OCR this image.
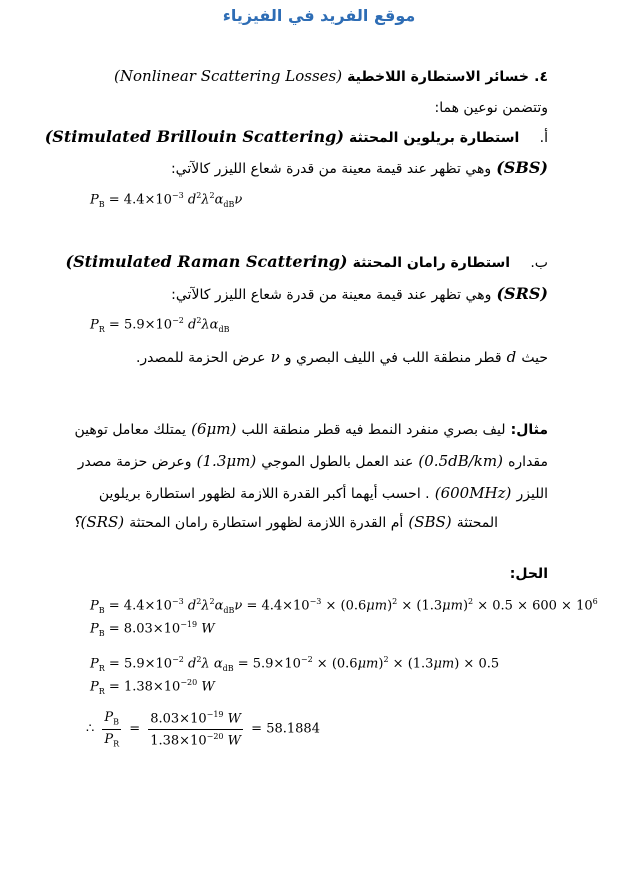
موقع الفريد في الفيزياء
٤. خسائر الاستطارة اللاخطية (Nonlinear Scattering Losses)
وتتضمن نوعين هما:
أ.    استطارة بريلوين المحتثة (Stimulated Brillouin Scattering)
(SBS) وهي تظهر عند قيمة معينة من قدرة شعاع الليزر كالآتي:
$P_B = 4.4\times 10^{-3}$ $d^2\lambda^2\alpha_{dB}\nu$
ب.    استطارة رامان المحتثة (Stimulated Raman Scattering)
(SRS) وهي تظهر عند قيمة معينة من قدرة شعاع الليزر كالآتي:
$P_R = 5.9\times 10^{-2}$ $d^2\lambda\alpha_{dB}$
حيث d قطر منطقة اللب في الليف البصري و ν عرض الحزمة للمصدر.
مثال: ليف بصري منفرد النمط فيه قطر منطقة اللب (6μm) يمتلك معامل توهين
مقداره (0.5dB/km) عند العمل بالطول الموجي (1.3μm) وعرض حزمة مصدر
الليزر (600MHz) . احسب أيهما أكبر القدرة اللازمة لظهور استطارة بريلوين
المحتثة (SBS) أم القدرة اللازمة لظهور استطارة رامان المحتثة (SRS)؟
الحل:
$P_B = 4.4\times 10^{-3}$ $d^2\lambda^2\alpha_{dB}\nu = 4.4\times 10^{-3} \times (0.6\mu m)^2 \times (1.3\mu m)^2 \times 0.5 \times 600 \times 10^6$
$P_B = 8.03\times 10^{-19}$ W
$P_R = 5.9\times 10^{-2}$ $d^2\lambda$ $\alpha_{dB} = 5.9\times 10^{-2} \times (0.6\mu m)^2 \times (1.3\mu m) \times 0.5$
$P_R = 1.38\times 10^{-20}$ W
∴ $\frac{P_B}{P_R} = \frac{8.03\times 10^{-19} W}{1.38\times 10^{-20} W} = 58.1884$
